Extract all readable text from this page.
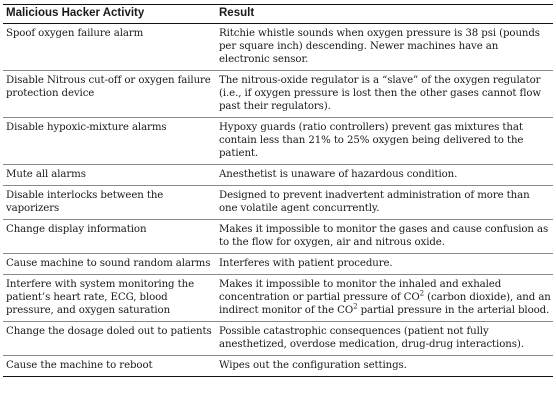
Malicious Hacker Activity	Result
Spoof oxygen failure alarm	Ritchie whistle sounds when oxygen pressure is 38 psi (pounds per square inch) descending. Newer machines have an electronic sensor.
Disable Nitrous cut-off or oxygen failure protection device	The nitrous-oxide regulator is a “slave” of the oxygen regulator (i.e., if oxygen pressure is lost then the other gases cannot flow past their regulators).
Disable hypoxic-mixture alarms	Hypoxy guards (ratio controllers) prevent gas mixtures that contain less than 21% to 25% oxygen being delivered to the patient.
Mute all alarms	Anesthetist is unaware of hazardous condition.
Disable interlocks between the vaporizers	Designed to prevent inadvertent administration of more than one volatile agent concurrently.
Change display information	Makes it impossible to monitor the gases and cause confusion as to the flow for oxygen, air and nitrous oxide.
Cause machine to sound random alarms	Interferes with patient procedure.
Interfere with system monitoring the patient’s heart rate, ECG, blood pressure, and oxygen saturation	Makes it impossible to monitor the inhaled and exhaled concentration or partial pressure of $CO^2$ (carbon dioxide), and an indirect monitor of the $CO^2$ partial pressure in the arterial blood.
Change the dosage doled out to patients	Possible catastrophic consequences (patient not fully anesthetized, overdose medication, drug-drug interactions).
Cause the machine to reboot	Wipes out the configuration settings.
